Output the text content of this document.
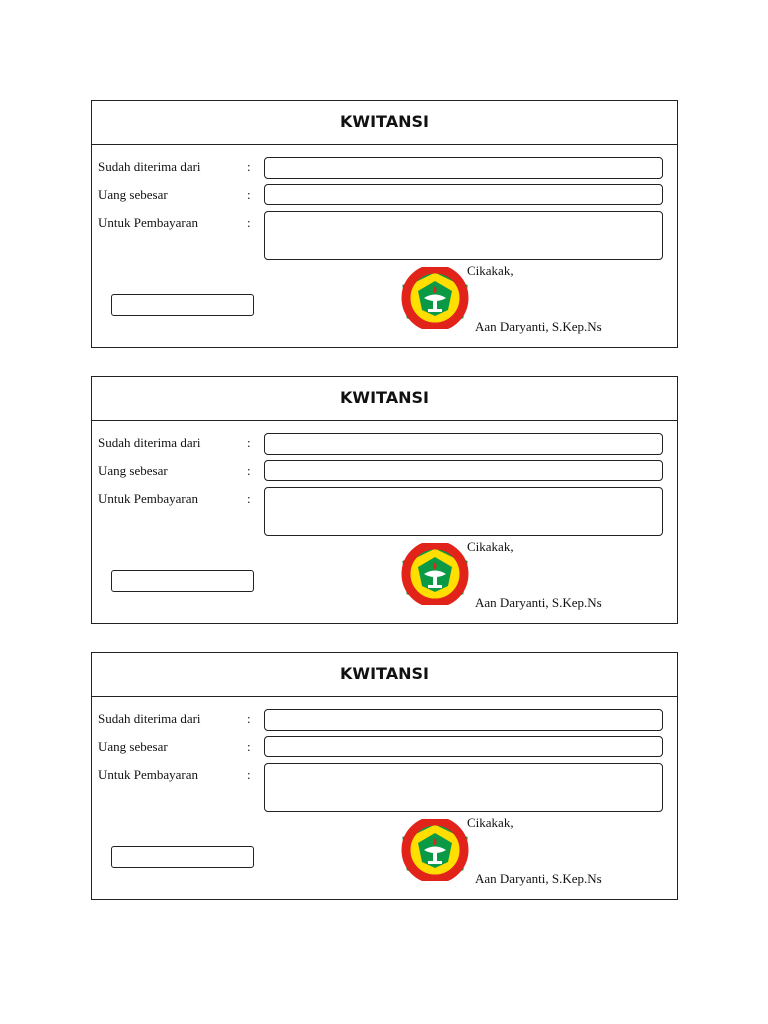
KWITANSI
Sudah diterima dari	:
Uang sebesar	:
Untuk Pembayaran	:
Cikakak,
Aan Daryanti, S.Kep.Ns
KWITANSI
Sudah diterima dari	:
Uang sebesar	:
Untuk Pembayaran	:
Cikakak,
Aan Daryanti, S.Kep.Ns
KWITANSI
Sudah diterima dari	:
Uang sebesar	:
Untuk Pembayaran	:
Cikakak,
Aan Daryanti, S.Kep.Ns
